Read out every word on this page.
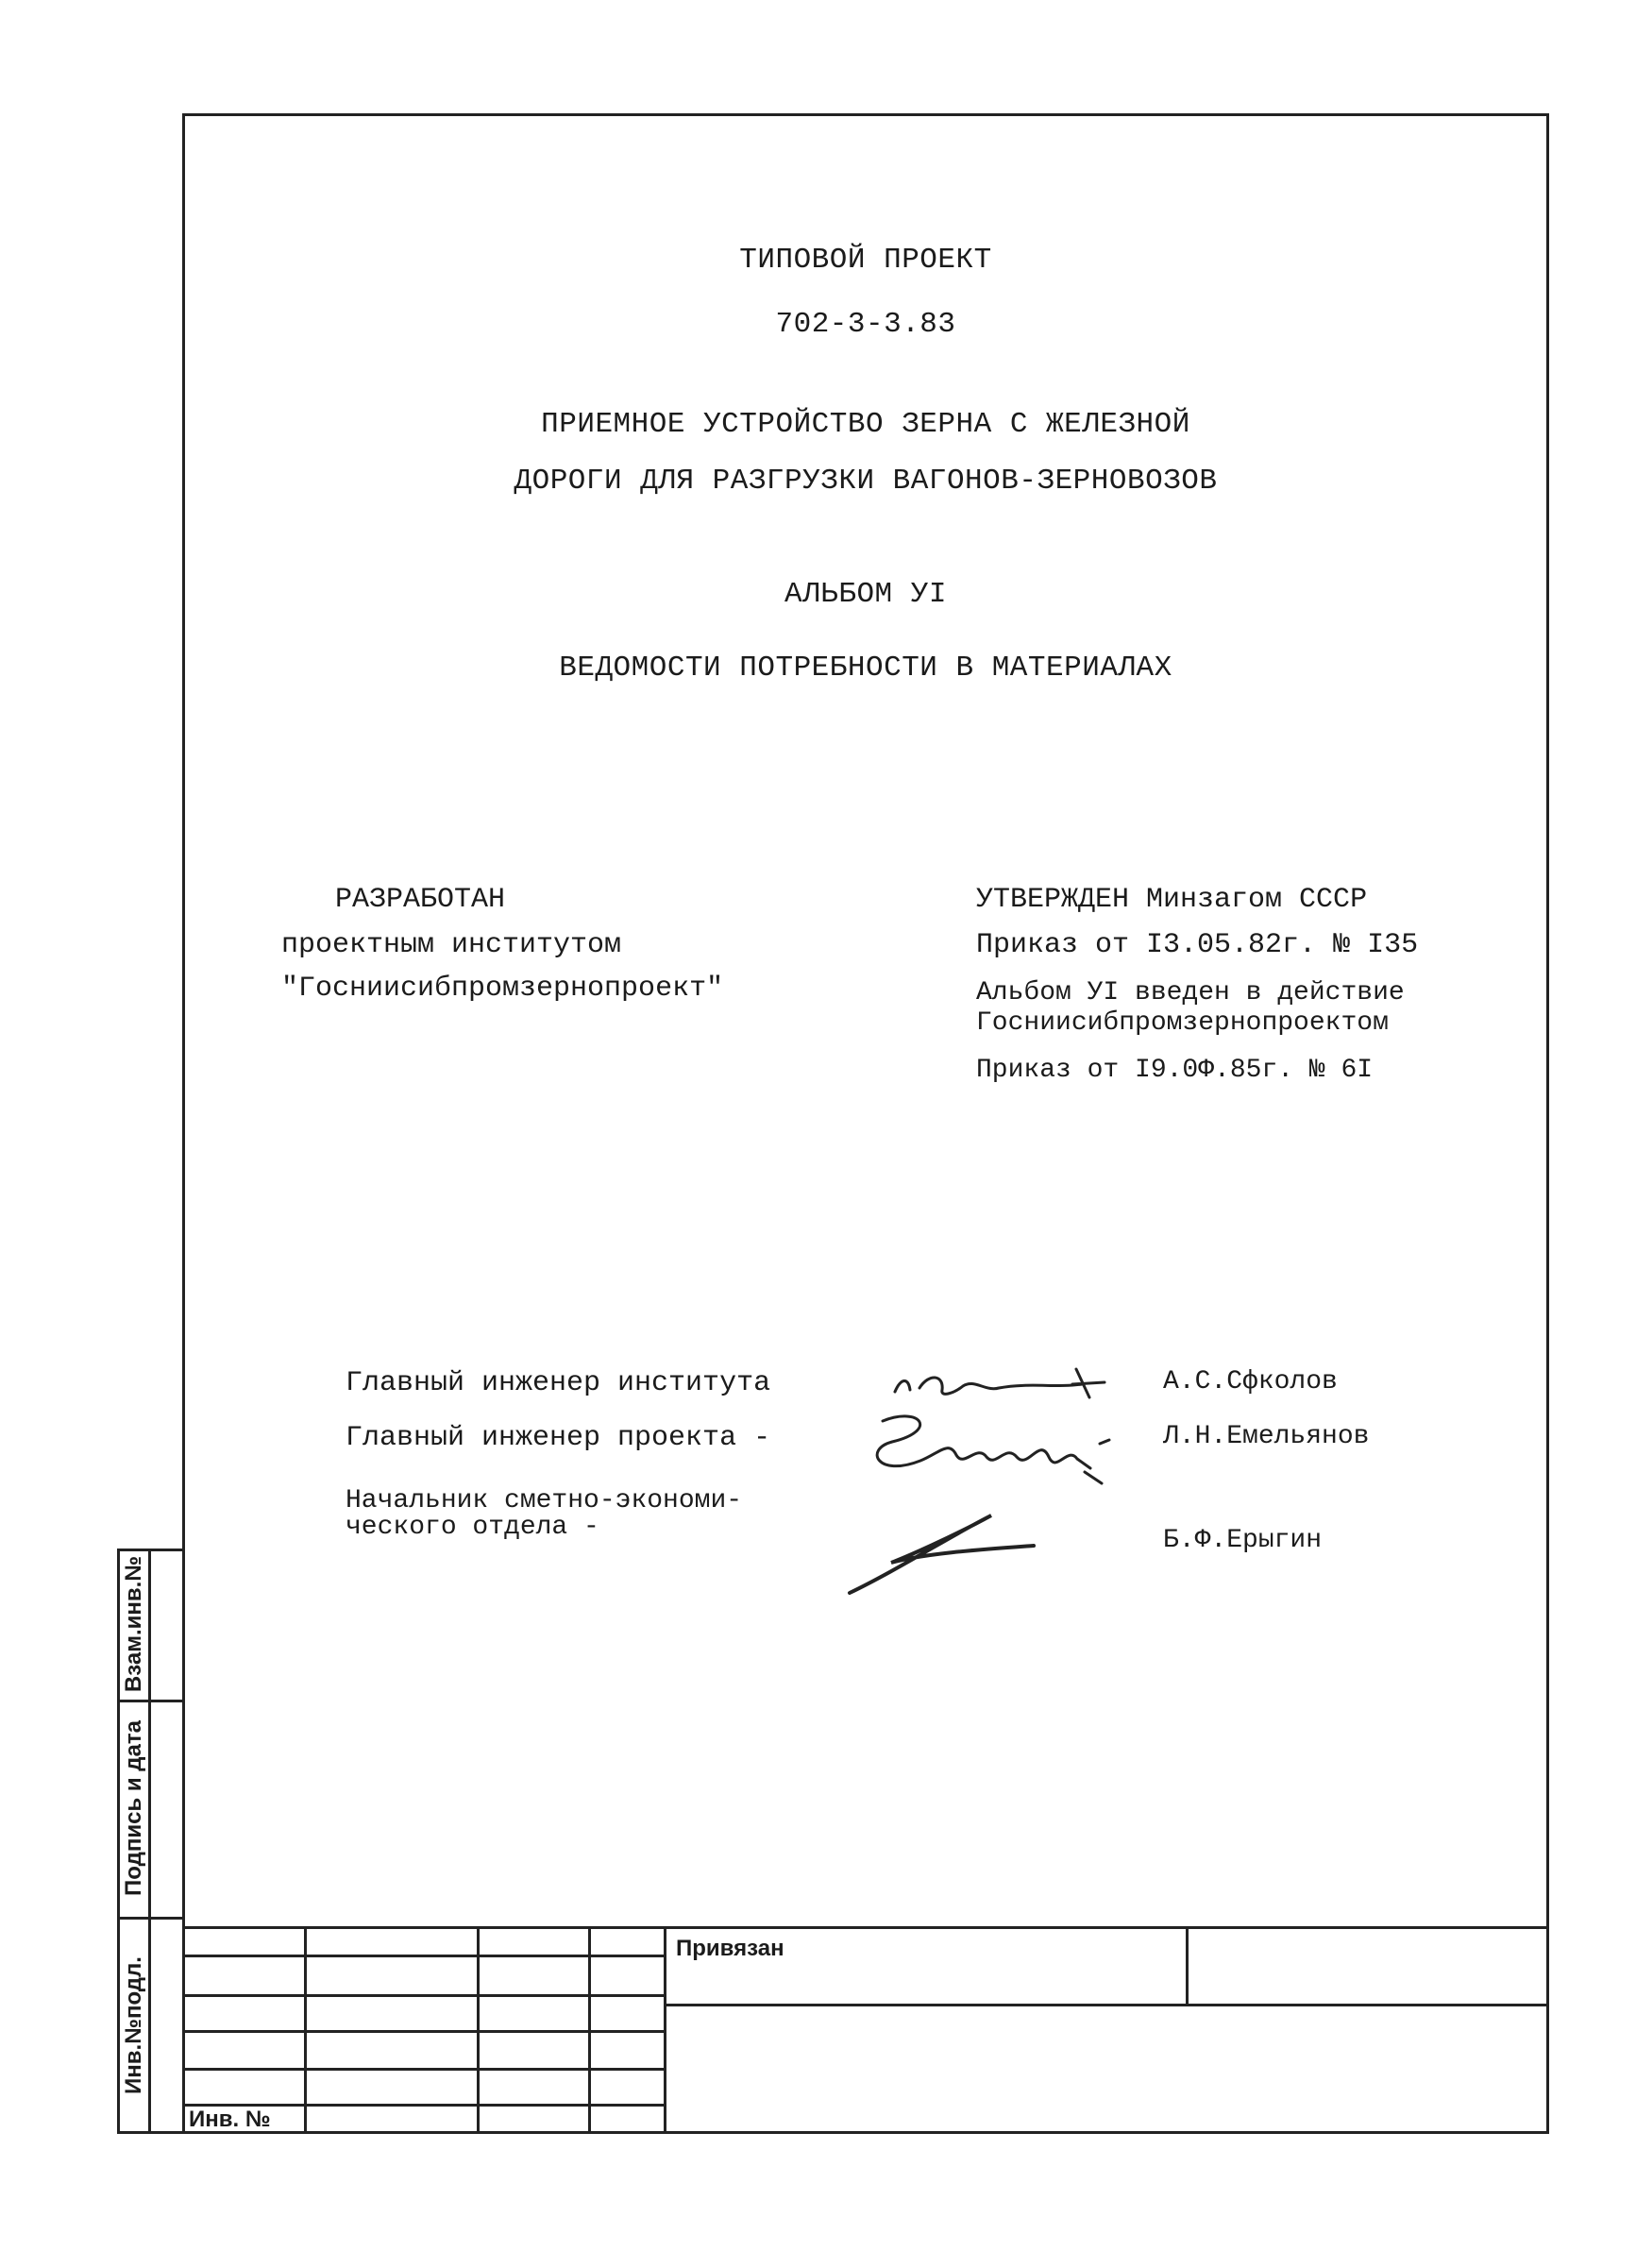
ТИПОВОЙ ПРОЕКТ
702-3-3.83
ПРИЕМНОЕ УСТРОЙСТВО ЗЕРНА С ЖЕЛЕЗНОЙ
ДОРОГИ ДЛЯ РАЗГРУЗКИ ВАГОНОВ-ЗЕРНОВОЗОВ
АЛЬБОМ УI
ВЕДОМОСТИ ПОТРЕБНОСТИ В МАТЕРИАЛАХ
РАЗРАБОТАН
проектным институтом
"Госниисибпромзернопроект"
УТВЕРЖДЕН Минзагом СССР
Приказ от I3.05.82г. № I35
Альбом УI введен в действие
Госниисибпромзернопроектом
Приказ от I9.0Ф.85г. № 6I
Главный инженер института	А.С.Сфколов
Главный инженер проекта -	Л.Н.Емельянов
Начальник сметно-экономи-
ческого отдела -	Б.Ф.Ерыгин
Взам.инв.№
Подпись и дата
Инв.№подл.
Привязан
Инв. №
